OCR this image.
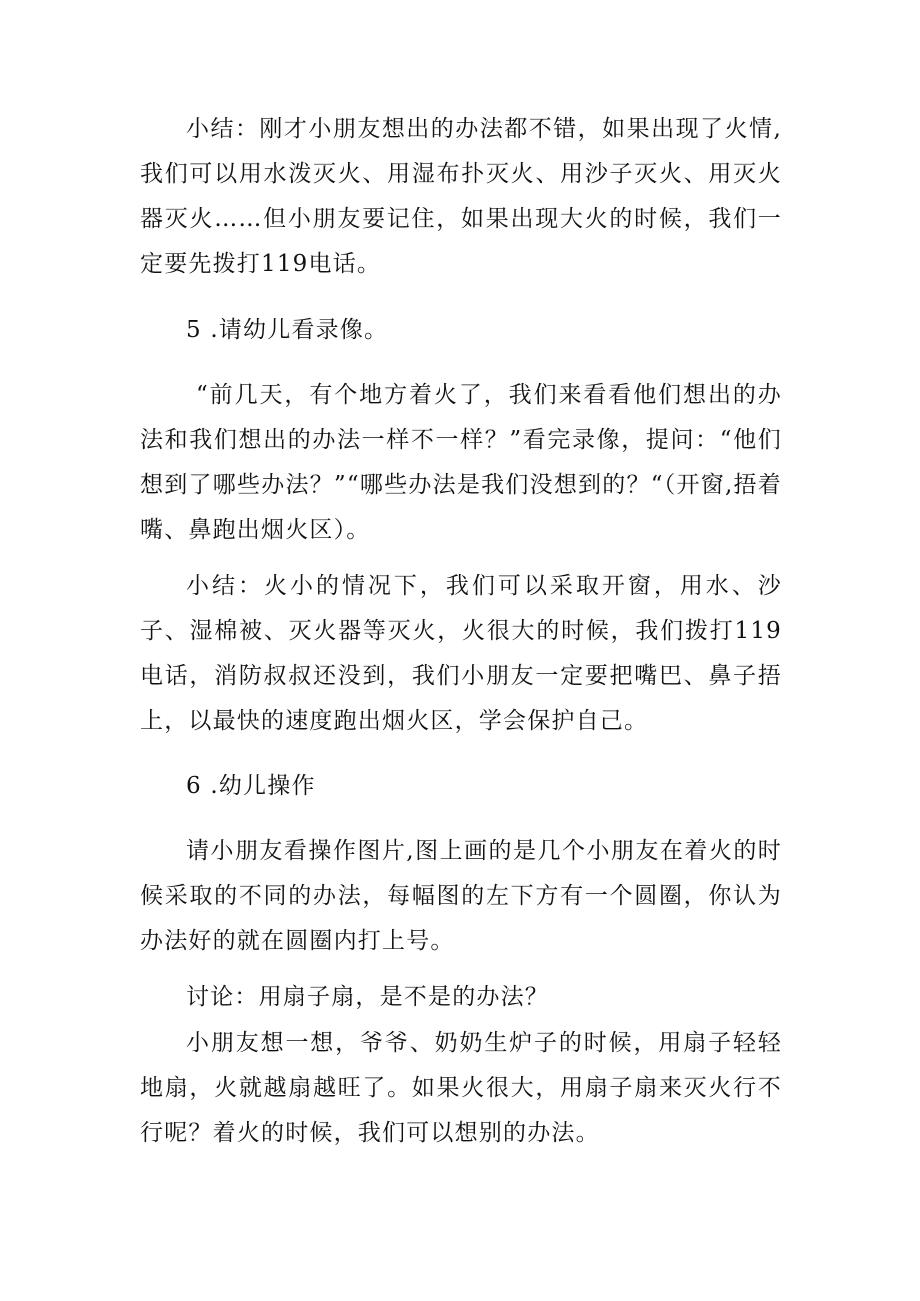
小结：刚才小朋友想出的办法都不错，如果出现了火情,我们可以用水泼灭火、用湿布扑灭火、用沙子灭火、用灭火器灭火……但小朋友要记住，如果出现大火的时候，我们一定要先拨打119电话。

5 .请幼儿看录像。

“前几天，有个地方着火了，我们来看看他们想出的办法和我们想出的办法一样不一样？”看完录像，提问：“他们想到了哪些办法？”“哪些办法是我们没想到的？“（开窗,捂着嘴、鼻跑出烟火区）。

小结：火小的情况下，我们可以采取开窗，用水、沙子、湿棉被、灭火器等灭火，火很大的时候，我们拨打119电话，消防叔叔还没到，我们小朋友一定要把嘴巴、鼻子捂上，以最快的速度跑出烟火区，学会保护自己。

6 .幼儿操作

请小朋友看操作图片,图上画的是几个小朋友在着火的时候采取的不同的办法，每幅图的左下方有一个圆圈，你认为办法好的就在圆圈内打上号。

讨论：用扇子扇，是不是的办法？

小朋友想一想，爷爷、奶奶生炉子的时候，用扇子轻轻地扇，火就越扇越旺了。如果火很大，用扇子扇来灭火行不行呢？着火的时候，我们可以想别的办法。
